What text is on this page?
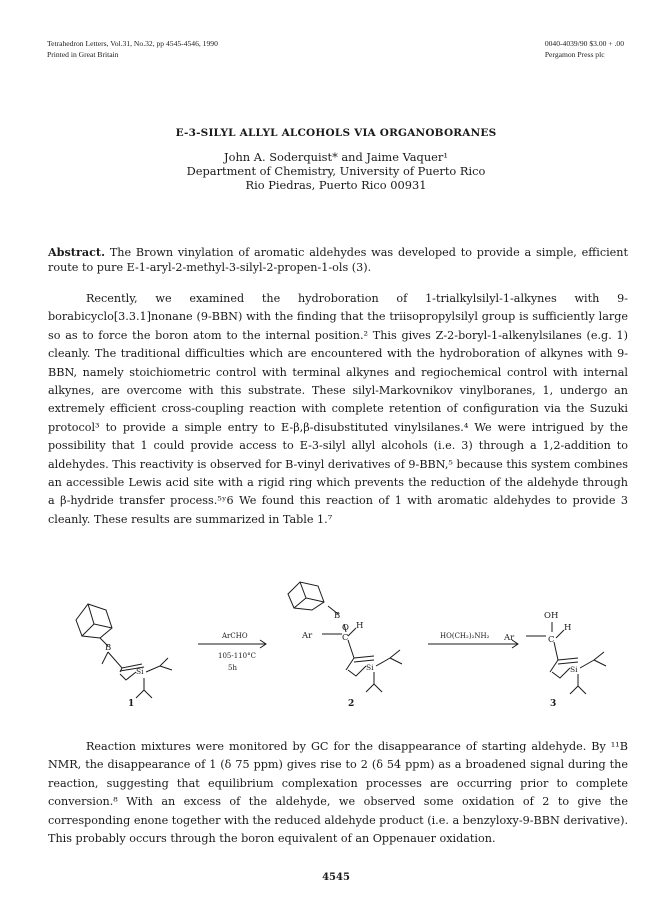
Tetrahedron Letters, Vol.31, No.32, pp 4545-4546, 1990
Printed in Great Britain
0040-4039/90 $3.00 + .00
Pergamon Press plc
E-3-SILYL ALLYL ALCOHOLS VIA ORGANOBORANES
John A. Soderquist* and Jaime Vaquer¹
Department of Chemistry, University of Puerto Rico
Rio Piedras, Puerto Rico 00931
Abstract. The Brown vinylation of aromatic aldehydes was developed to provide a simple, efficient route to pure E-1-aryl-2-methyl-3-silyl-2-propen-1-ols (3).

Recently, we examined the hydroboration of 1-trialkylsilyl-1-alkynes with 9-borabicyclo[3.3.1]nonane (9-BBN) with the finding that the triisopropylsilyl group is sufficiently large so as to force the boron atom to the internal position.² This gives Z-2-boryl-1-alkenylsilanes (e.g. 1) cleanly. The traditional difficulties which are encountered with the hydroboration of alkynes with 9-BBN, namely stoichiometric control with terminal alkynes and regiochemical control with internal alkynes, are overcome with this substrate. These silyl-Markovnikov vinylboranes, 1, undergo an extremely efficient cross-coupling reaction with complete retention of configuration via the Suzuki protocol³ to provide a simple entry to E-β,β-disubstituted vinylsilanes.⁴ We were intrigued by the possibility that 1 could provide access to E-3-silyl allyl alcohols (i.e. 3) through a 1,2-addition to aldehydes. This reactivity is observed for B-vinyl derivatives of 9-BBN,⁵ because this system combines an accessible Lewis acid site with a rigid ring which prevents the reduction of the aldehyde through a β-hydride transfer process.⁵ʸ6 We found this reaction of 1 with aromatic aldehydes to provide 3 cleanly. These results are summarized in Table 1.⁷

B
Si
ArCHO
105-110°C
5h
B
O
Ar	C
H
Si
HO(CH₂)₂NH₂
OH
Ar	C
H
Si
1	2	3

Reaction mixtures were monitored by GC for the disappearance of starting aldehyde. By ¹¹B NMR, the disappearance of 1 (δ 75 ppm) gives rise to 2 (δ 54 ppm) as a broadened signal during the reaction, suggesting that equilibrium complexation processes are occurring prior to complete conversion.⁸ With an excess of the aldehyde, we observed some oxidation of 2 to give the corresponding enone together with the reduced aldehyde product (i.e. a benzyloxy-9-BBN derivative). This probably occurs through the boron equivalent of an Oppenauer oxidation.

4545
